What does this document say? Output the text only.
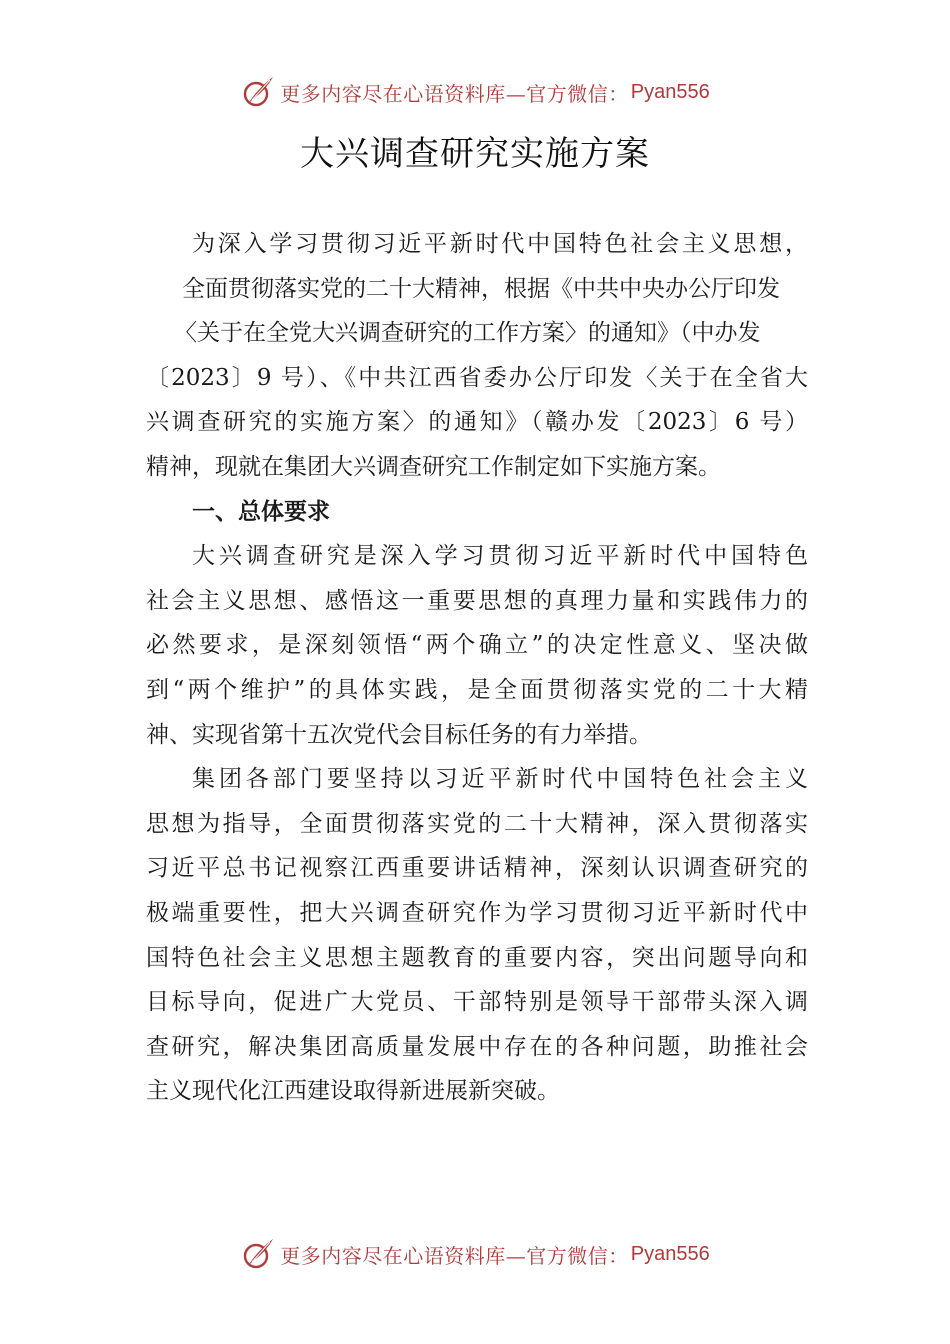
更多内容尽在心语资料库—官方微信： Pyan556
大兴调查研究实施方案
为深入学习贯彻习近平新时代中国特色社会主义思想，
全面贯彻落实党的二十大精神，根据《中共中央办公厅印发
〈关于在全党大兴调查研究的工作方案〉的通知》（中办发
〔2023〕9 号）、《中共江西省委办公厅印发〈关于在全省大
兴调查研究的实施方案〉的通知》（赣办发〔2023〕6 号）
精神，现就在集团大兴调查研究工作制定如下实施方案。
一、总体要求
大兴调查研究是深入学习贯彻习近平新时代中国特色
社会主义思想、感悟这一重要思想的真理力量和实践伟力的
必然要求，是深刻领悟“两个确立”的决定性意义、坚决做
到“两个维护”的具体实践，是全面贯彻落实党的二十大精
神、实现省第十五次党代会目标任务的有力举措。
集团各部门要坚持以习近平新时代中国特色社会主义
思想为指导，全面贯彻落实党的二十大精神，深入贯彻落实
习近平总书记视察江西重要讲话精神，深刻认识调查研究的
极端重要性，把大兴调查研究作为学习贯彻习近平新时代中
国特色社会主义思想主题教育的重要内容，突出问题导向和
目标导向，促进广大党员、干部特别是领导干部带头深入调
查研究，解决集团高质量发展中存在的各种问题，助推社会
主义现代化江西建设取得新进展新突破。
更多内容尽在心语资料库—官方微信： Pyan556
